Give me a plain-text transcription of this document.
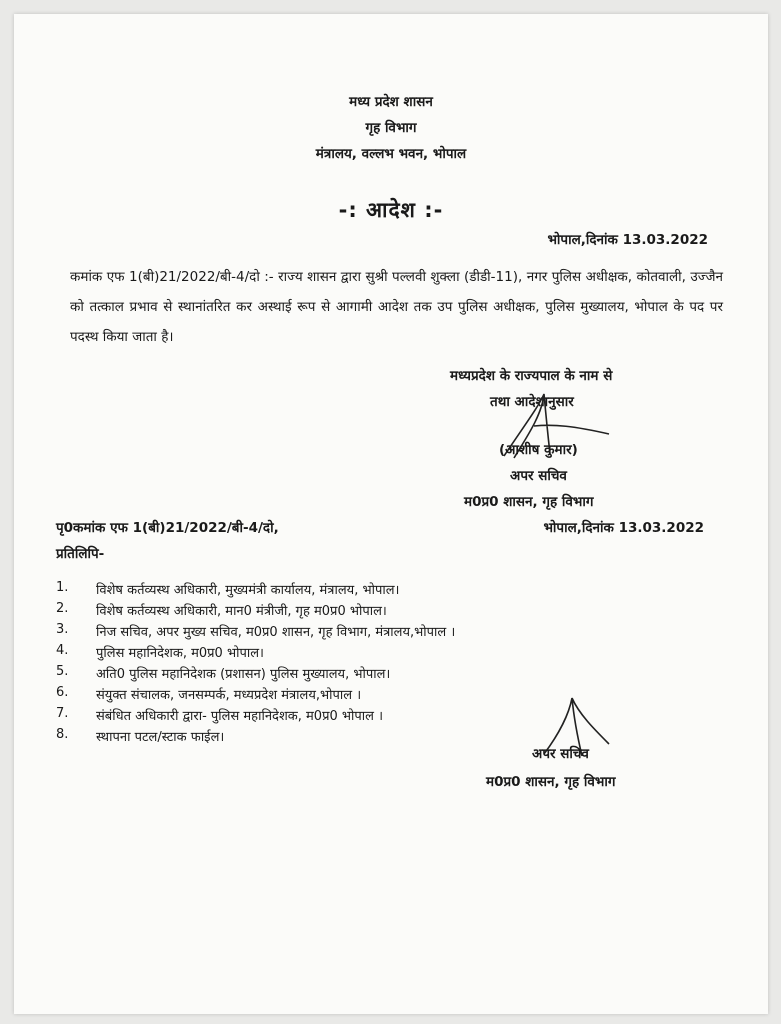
मध्य प्रदेश शासन
गृह विभाग
मंत्रालय, वल्लभ भवन, भोपाल
-: आदेश :-
भोपाल,दिनांक 13.03.2022
कमांक एफ 1(बी)21/2022/बी-4/दो :- राज्य शासन द्वारा सुश्री पल्लवी शुक्ला (डीडी-11), नगर पुलिस अधीक्षक, कोतवाली, उज्जैन को तत्काल प्रभाव से स्थानांतरित कर अस्थाई रूप से आगामी आदेश तक उप पुलिस अधीक्षक, पुलिस मुख्यालय, भोपाल के पद पर पदस्थ किया जाता है।
मध्यप्रदेश के राज्यपाल के नाम से
तथा आदेशानुसार
(आशीष कुमार)
अपर सचिव
म0प्र0 शासन, गृह विभाग
पृ0कमांक एफ 1(बी)21/2022/बी-4/दो,	भोपाल,दिनांक 13.03.2022
प्रतिलिपि-
1.	विशेष कर्तव्यस्थ अधिकारी, मुख्यमंत्री कार्यालय, मंत्रालय, भोपाल।
2.	विशेष कर्तव्यस्थ अधिकारी, मान0 मंत्रीजी, गृह म0प्र0 भोपाल।
3.	निज सचिव, अपर मुख्य सचिव, म0प्र0 शासन, गृह विभाग, मंत्रालय,भोपाल ।
4.	पुलिस महानिदेशक, म0प्र0 भोपाल।
5.	अति0 पुलिस महानिदेशक (प्रशासन) पुलिस मुख्यालय, भोपाल।
6.	संयुक्त संचालक, जनसम्पर्क, मध्यप्रदेश मंत्रालय,भोपाल ।
7.	संबंधित अधिकारी द्वारा- पुलिस महानिदेशक, म0प्र0 भोपाल ।
8.	स्थापना पटल/स्टाक फाईल।
अपर सचिव
म0प्र0 शासन, गृह विभाग
